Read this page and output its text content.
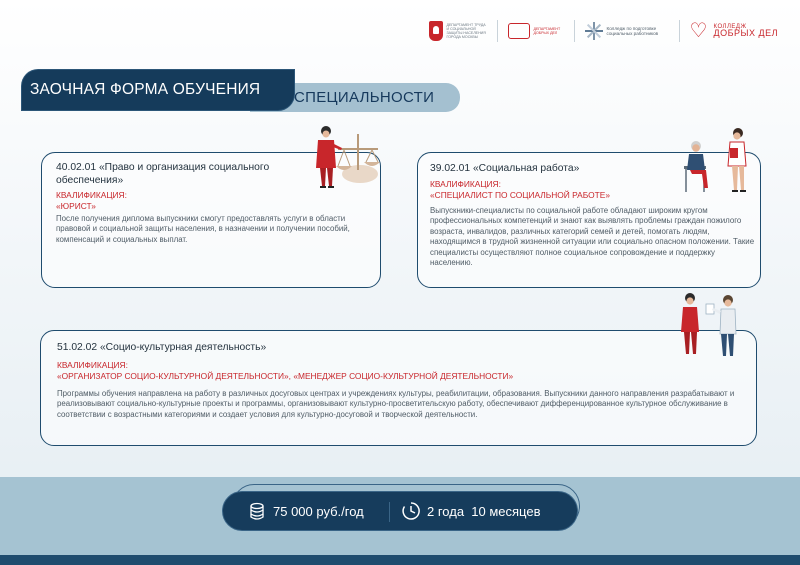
ДЕПАРТАМЕНТ ТРУДА И СОЦИАЛЬНОЙ ЗАЩИТЫ НАСЕЛЕНИЯ ГОРОДА МОСКВЫ
ДЕПАРТАМЕНТ ДОБРЫХ ДЕЛ
Колледж по подготовке социальных работников	♡	КОЛЛЕДЖ
ДОБРЫХ ДЕЛ
СПЕЦИАЛЬНОСТИ
ЗАОЧНАЯ ФОРМА ОБУЧЕНИЯ
40.02.01 «Право и организация социального обеспечения»
КВАЛИФИКАЦИЯ:
«ЮРИСТ»
После получения диплома выпускники смогут предоставлять услуги в области правовой и социальной защиты населения, в назначении и получении пособий, компенсаций и социальных выплат.
39.02.01 «Социальная работа»
КВАЛИФИКАЦИЯ:
«СПЕЦИАЛИСТ ПО СОЦИАЛЬНОЙ РАБОТЕ»
Выпускники-специалисты по социальной работе обладают широким кругом профессиональных компетенций и знают как выявлять проблемы граждан пожилого возраста, инвалидов, различных категорий семей и детей, помогать людям, находящимся в трудной жизненной ситуации или социально опасном положении. Такие специалисты осуществляют полное социальное сопровождение и поддержку населению.
51.02.02 «Социо-культурная деятельность»
КВАЛИФИКАЦИЯ:
«ОРГАНИЗАТОР СОЦИО-КУЛЬТУРНОЙ ДЕЯТЕЛЬНОСТИ», «МЕНЕДЖЕР СОЦИО-КУЛЬТУРНОЙ ДЕЯТЕЛЬНОСТИ»
Программы обучения направлена на работу в различных досуговых центрах и учреждениях культуры, реабилитации, образования. Выпускники данного направления разрабатывают и реализовывают социально-культурные проекты и программы, организовывают культурно-просветительскую работу, обеспечивают дифференцированное культурное обслуживание в соответствии с возрастными категориями и создает условия для культурно-досуговой и творческой деятельности.
75 000 руб./год	2 года  10 месяцев
